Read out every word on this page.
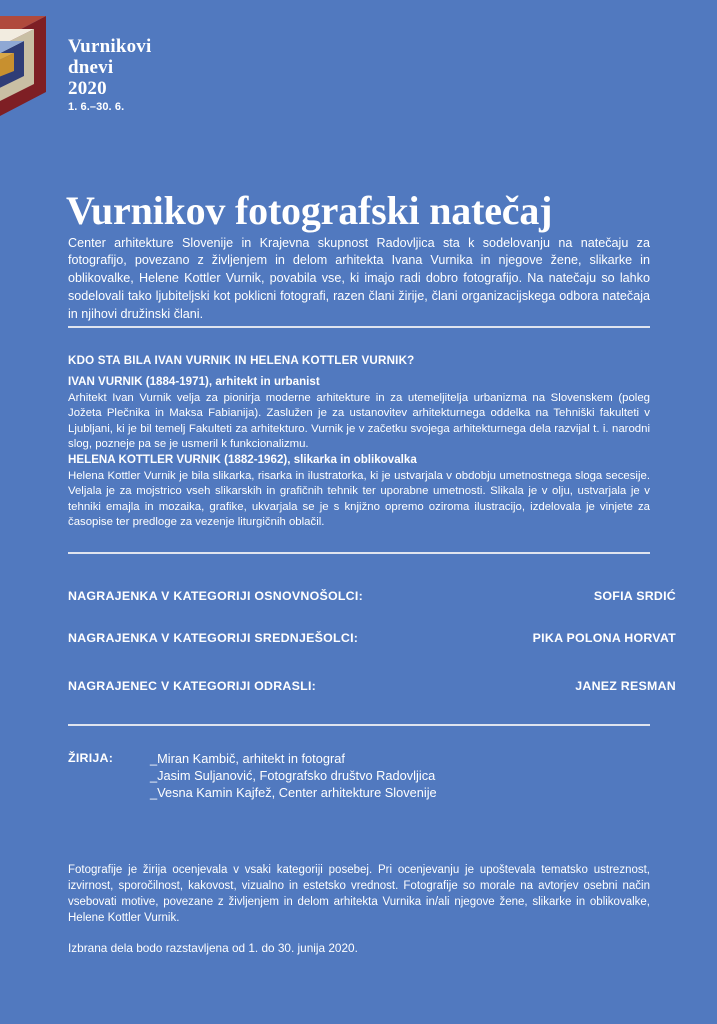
Vurnikovi
dnevi
2020
1. 6.–30. 6.
Vurnikov fotografski natečaj

Center arhitekture Slovenije in Krajevna skupnost Radovljica sta k sodelovanju na natečaju za fotografijo, povezano z življenjem in delom arhitekta Ivana Vurnika in njegove žene, slikarke in oblikovalke, Helene Kottler Vurnik, povabila vse, ki imajo radi dobro fotografijo. Na natečaju so lahko sodelovali tako ljubiteljski kot poklicni fotografi, razen člani žirije, člani organizacijskega odbora natečaja in njihovi družinski člani.

KDO STA BILA IVAN VURNIK IN HELENA KOTTLER VURNIK?
IVAN VURNIK (1884-1971), arhitekt in urbanist
Arhitekt Ivan Vurnik velja za pionirja moderne arhitekture in za utemeljitelja urbanizma na Slovenskem (poleg Jožeta Plečnika in Maksa Fabianija). Zaslužen je za ustanovitev arhitekturnega oddelka na Tehniški fakulteti v Ljubljani, ki je bil temelj Fakulteti za arhitekturo. Vurnik je v začetku svojega arhitekturnega dela razvijal t. i. narodni slog, pozneje pa se je usmeril k funkcionalizmu.
HELENA KOTTLER VURNIK (1882-1962), slikarka in oblikovalka
Helena Kottler Vurnik je bila slikarka, risarka in ilustratorka, ki je ustvarjala v obdobju umetnostnega sloga secesije. Veljala je za mojstrico vseh slikarskih in grafičnih tehnik ter uporabne umetnosti. Slikala je v olju, ustvarjala je v tehniki emajla in mozaika, grafike, ukvarjala se je s knjižno opremo oziroma ilustracijo, izdelovala je vinjete za časopise ter predloge za vezenje liturgičnih oblačil.
NAGRAJENKA V KATEGORIJI OSNOVNOŠOLCI:	SOFIA SRDIĆ
NAGRAJENKA V KATEGORIJI SREDNJEŠOLCI:	PIKA POLONA HORVAT
NAGRAJENEC V KATEGORIJI ODRASLI:	JANEZ RESMAN
ŽIRIJA:	_Miran Kambič, arhitekt in fotograf
_Jasim Suljanović, Fotografsko društvo Radovljica
_Vesna Kamin Kajfež, Center arhitekture Slovenije

Fotografije je žirija ocenjevala v vsaki kategoriji posebej. Pri ocenjevanju je upoštevala tematsko ustreznost, izvirnost, sporočilnost, kakovost, vizualno in estetsko vrednost. Fotografije so morale na avtorjev osebni način vsebovati motive, povezane z življenjem in delom arhitekta Vurnika in/ali njegove žene, slikarke in oblikovalke, Helene Kottler Vurnik.

Izbrana dela bodo razstavljena od 1. do 30. junija 2020.
